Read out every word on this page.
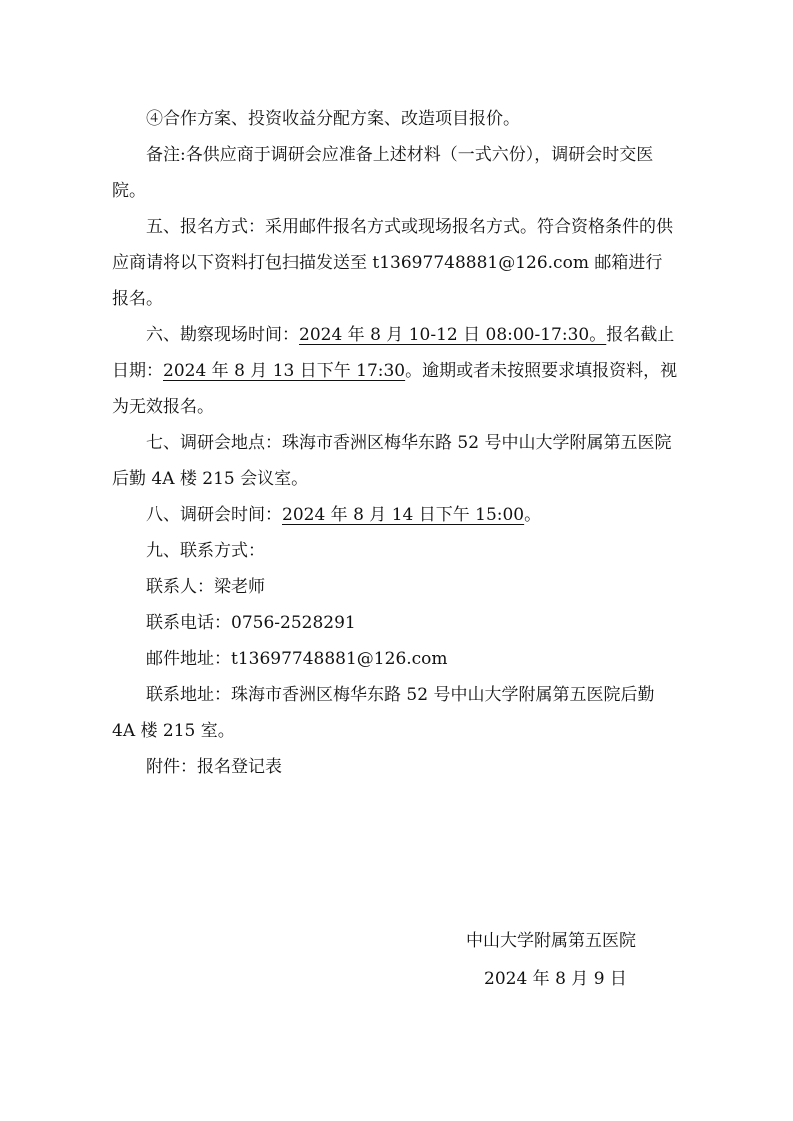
④合作方案、投资收益分配方案、改造项目报价。

备注:各供应商于调研会应准备上述材料（一式六份），调研会时交医院。

五、报名方式：采用邮件报名方式或现场报名方式。符合资格条件的供应商请将以下资料打包扫描发送至 t13697748881@126.com 邮箱进行报名。

六、勘察现场时间：2024 年 8 月 10-12 日 08:00-17:30。报名截止日期：2024 年 8 月 13 日下午 17:30。逾期或者未按照要求填报资料，视为无效报名。

七、调研会地点：珠海市香洲区梅华东路 52 号中山大学附属第五医院后勤 4A 楼 215 会议室。

八、调研会时间：2024 年 8 月 14 日下午 15:00。

九、联系方式：

联系人：梁老师

联系电话：0756-2528291

邮件地址：t13697748881@126.com

联系地址：珠海市香洲区梅华东路 52 号中山大学附属第五医院后勤 4A 楼 215 室。

附件：报名登记表

中山大学附属第五医院
2024 年 8 月 9 日
